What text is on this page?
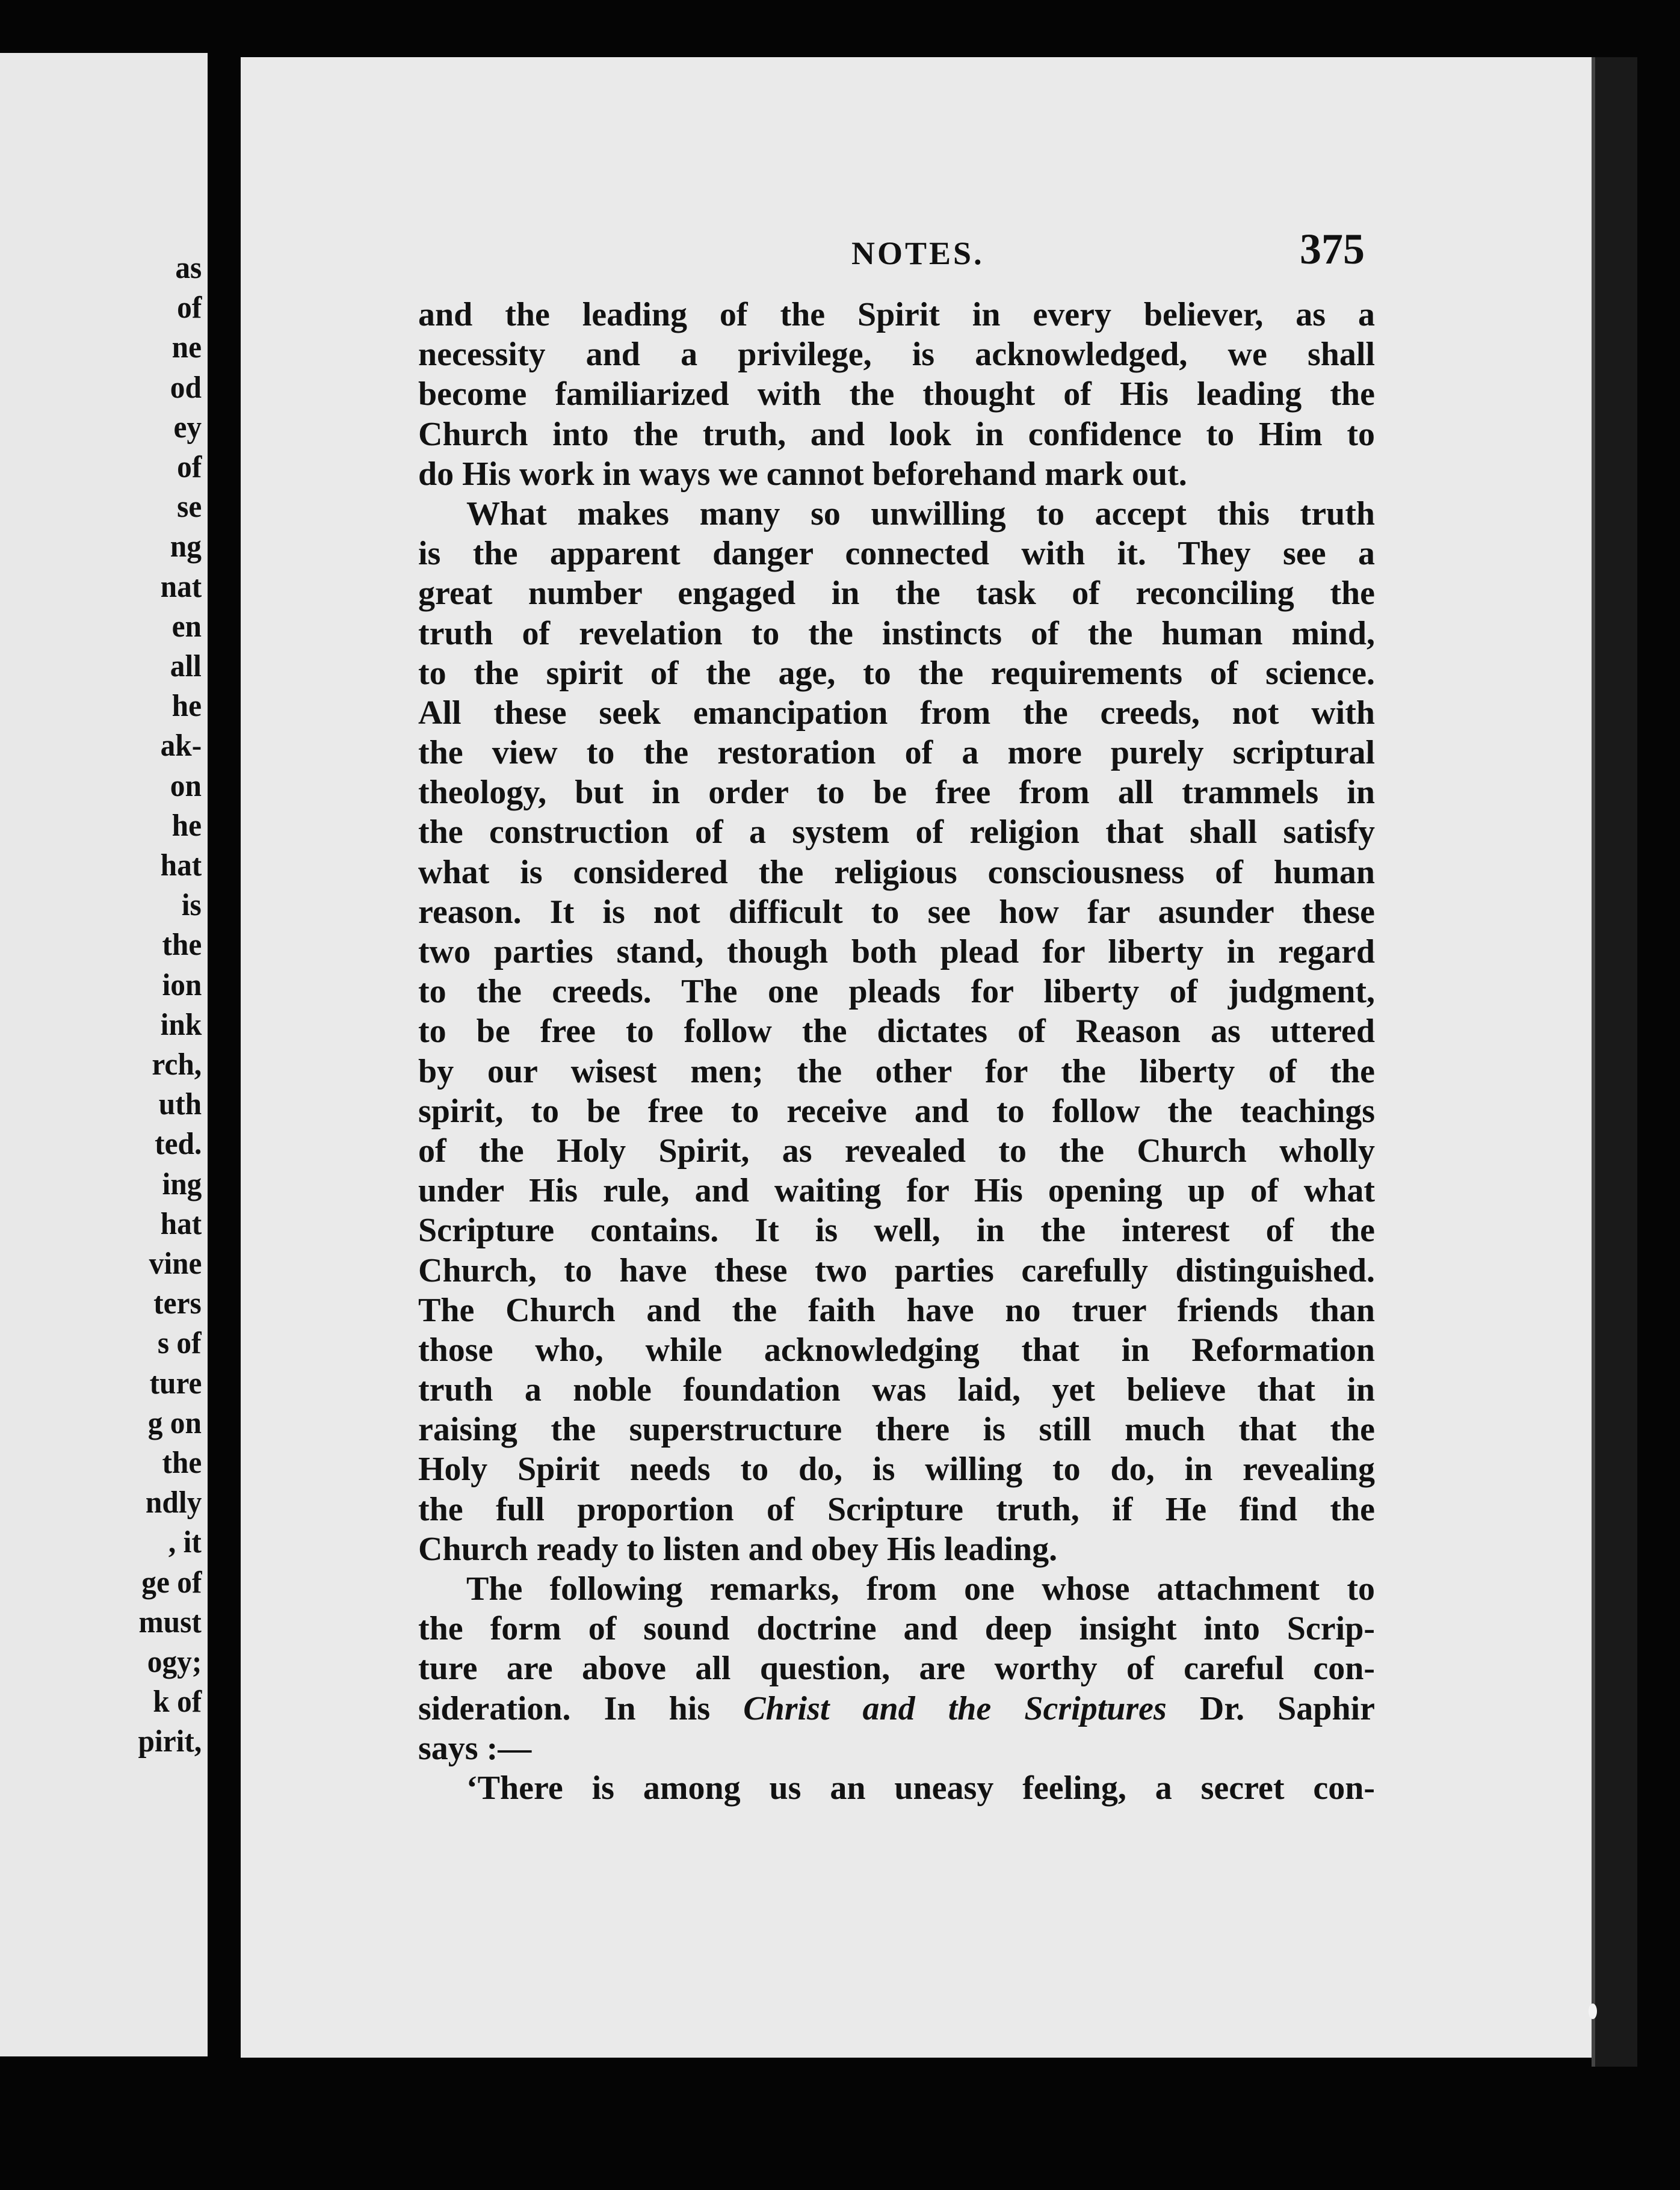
as
of
ne
od
ey
of
se
ng
nat
en
all
he
ak-
on
he
hat
is
the
ion
ink
rch,
uth
ted.
ing
hat
vine
ters
s of
ture
g on
the
ndly
, it
ge of
must
ogy;
k of
pirit,
NOTES.	375
and the leading of the Spirit in every believer, as a
necessity and a privilege, is acknowledged, we shall
become familiarized with the thought of His leading the
Church into the truth, and look in confidence to Him to
do His work in ways we cannot beforehand mark out.
What makes many so unwilling to accept this truth
is the apparent danger connected with it. They see a
great number engaged in the task of reconciling the
truth of revelation to the instincts of the human mind,
to the spirit of the age, to the requirements of science.
All these seek emancipation from the creeds, not with
the view to the restoration of a more purely scriptural
theology, but in order to be free from all trammels in
the construction of a system of religion that shall satisfy
what is considered the religious consciousness of human
reason. It is not difficult to see how far asunder these
two parties stand, though both plead for liberty in regard
to the creeds. The one pleads for liberty of judgment,
to be free to follow the dictates of Reason as uttered
by our wisest men; the other for the liberty of the
spirit, to be free to receive and to follow the teachings
of the Holy Spirit, as revealed to the Church wholly
under His rule, and waiting for His opening up of what
Scripture contains. It is well, in the interest of the
Church, to have these two parties carefully distinguished.
The Church and the faith have no truer friends than
those who, while acknowledging that in Reformation
truth a noble foundation was laid, yet believe that in
raising the superstructure there is still much that the
Holy Spirit needs to do, is willing to do, in revealing
the full proportion of Scripture truth, if He find the
Church ready to listen and obey His leading.
The following remarks, from one whose attachment to
the form of sound doctrine and deep insight into Scrip-
ture are above all question, are worthy of careful con-
sideration. In his Christ and the Scriptures Dr. Saphir
says :—
‘There is among us an uneasy feeling, a secret con-
